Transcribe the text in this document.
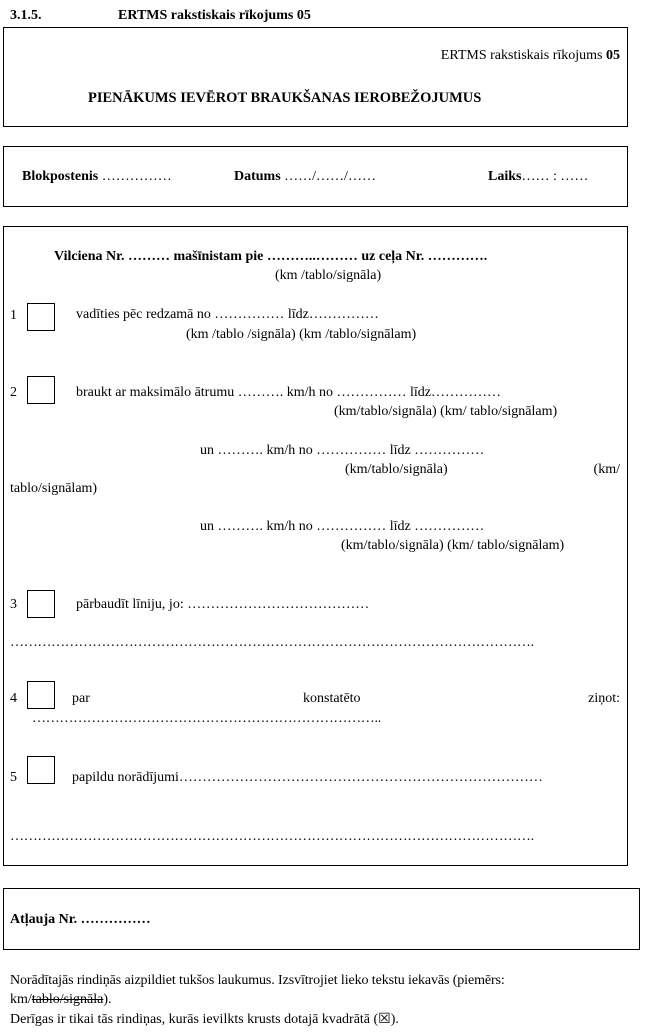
3.1.5.	ERTMS rakstiskais rīkojums 05
ERTMS rakstiskais rīkojums 05
PIENĀKUMS IEVĒROT BRAUKŠANAS IEROBEŽOJUMUS
Blokpostenis ……………	Datums ……/……/……	Laiks…… : ……
Vilciena Nr. ……… mašīnistam pie ………..……… uz ceļa Nr. ………….
(km /tablo/signāla)
1	vadīties pēc redzamā no …………… līdz……………
(km /tablo /signāla) (km /tablo/signālam)
2	braukt ar maksimālo ātrumu ………. km/h no …………… līdz……………
(km/tablo/signāla) (km/ tablo/signālam)
un ………. km/h no …………… līdz ……………
(km/tablo/signāla)	(km/
tablo/signālam)
un ………. km/h no …………… līdz ……………
(km/tablo/signāla) (km/ tablo/signālam)
3	pārbaudīt līniju, jo: …………………………………
…………………………………………………………………………………………………….
4	par	konstatēto	ziņot:
…………………………………………………………………..
5	papildu norādījumi……………………………………………………………………
…………………………………………………………………………………………………….
Atļauja Nr. ……………
Norādītajās rindiņās aizpildiet tukšos laukumus. Izsvītrojiet lieko tekstu iekavās (piemērs:
km/tablo/signāla).
Derīgas ir tikai tās rindiņas, kurās ievilkts krusts dotajā kvadrātā (☒).
